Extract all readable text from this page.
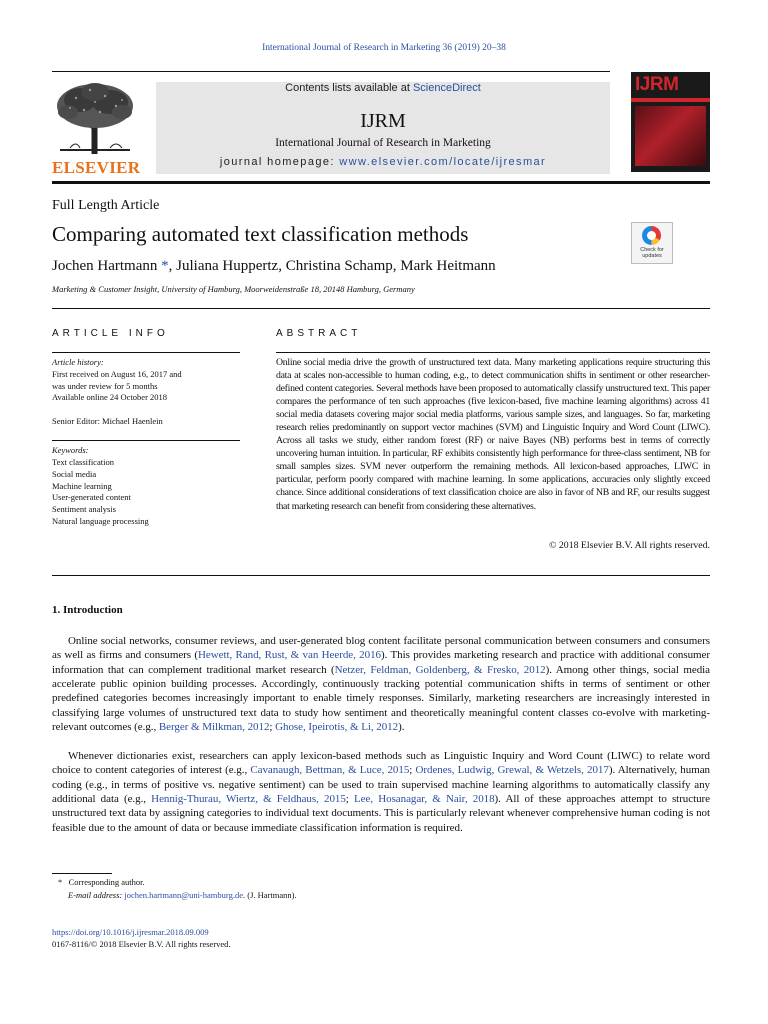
International Journal of Research in Marketing 36 (2019) 20–38
ELSEVIER
Contents lists available at ScienceDirect
IJRM
International Journal of Research in Marketing
journal homepage: www.elsevier.com/locate/ijresmar
IJRM
Full Length Article
Comparing automated text classification methods
Check for updates
Jochen Hartmann *, Juliana Huppertz, Christina Schamp, Mark Heitmann
Marketing & Customer Insight, University of Hamburg, Moorweidenstraße 18, 20148 Hamburg, Germany
ARTICLE INFO
Article history:
First received on August 16, 2017 and
was under review for 5 months
Available online 24 October 2018
Senior Editor: Michael Haenlein
Keywords:
Text classification
Social media
Machine learning
User-generated content
Sentiment analysis
Natural language processing
ABSTRACT
Online social media drive the growth of unstructured text data. Many marketing applications require structuring this data at scales non-accessible to human coding, e.g., to detect communication shifts in sentiment or other researcher-defined content categories. Several methods have been proposed to automatically classify unstructured text. This paper compares the performance of ten such approaches (five lexicon-based, five machine learning algorithms) across 41 social media datasets covering major social media platforms, various sample sizes, and languages. So far, marketing research relies predominantly on support vector machines (SVM) and Linguistic Inquiry and Word Count (LIWC). Across all tasks we study, either random forest (RF) or naive Bayes (NB) performs best in terms of correctly uncovering human intuition. In particular, RF exhibits consistently high performance for three-class sentiment, NB for small samples sizes. SVM never outperform the remaining methods. All lexicon-based approaches, LIWC in particular, perform poorly compared with machine learning. In some applications, accuracies only slightly exceed chance. Since additional considerations of text classification choice are also in favor of NB and RF, our results suggest that marketing research can benefit from considering these alternatives.
© 2018 Elsevier B.V. All rights reserved.
1. Introduction
Online social networks, consumer reviews, and user-generated blog content facilitate personal communication between consumers and consumers as well as firms and consumers (Hewett, Rand, Rust, & van Heerde, 2016). This provides marketing research and practice with additional consumer information that can complement traditional market research (Netzer, Feldman, Goldenberg, & Fresko, 2012). Among other things, social media accelerate public opinion building processes. Accordingly, continuously tracking potential communication shifts in terms of sentiment or other predefined categories becomes increasingly important to enable timely responses. Similarly, marketing researchers are increasingly interested in classifying large volumes of unstructured text data to study how sentiment and theoretically meaningful content classes co-evolve with marketing-relevant outcomes (e.g., Berger & Milkman, 2012; Ghose, Ipeirotis, & Li, 2012).
Whenever dictionaries exist, researchers can apply lexicon-based methods such as Linguistic Inquiry and Word Count (LIWC) to relate word choice to content categories of interest (e.g., Cavanaugh, Bettman, & Luce, 2015; Ordenes, Ludwig, Grewal, & Wetzels, 2017). Alternatively, human coding (e.g., in terms of positive vs. negative sentiment) can be used to train supervised machine learning algorithms to automatically classify any additional data (e.g., Hennig-Thurau, Wiertz, & Feldhaus, 2015; Lee, Hosanagar, & Nair, 2018). All of these approaches attempt to structure unstructured text data by assigning categories to individual text documents. This is particularly relevant whenever comprehensive human coding is not feasible due to the amount of data or because immediate classification information is required.
* Corresponding author.
E-mail address: jochen.hartmann@uni-hamburg.de. (J. Hartmann).
https://doi.org/10.1016/j.ijresmar.2018.09.009
0167-8116/© 2018 Elsevier B.V. All rights reserved.
